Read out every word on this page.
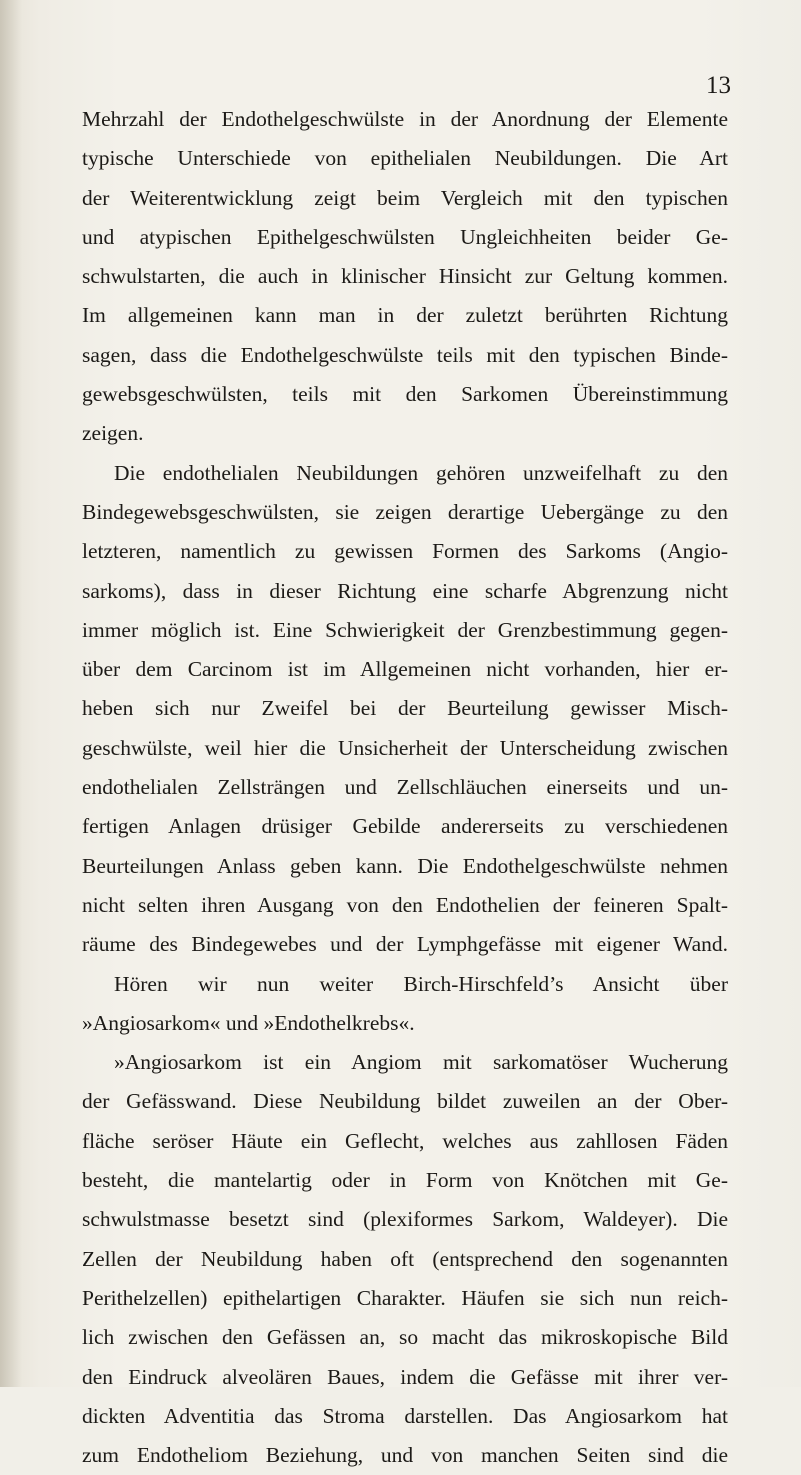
13
Mehrzahl der Endothelgeschwülste in der Anordnung der Elemente
typische Unterschiede von epithelialen Neubildungen. Die Art
der Weiterentwicklung zeigt beim Vergleich mit den typischen
und atypischen Epithelgeschwülsten Ungleichheiten beider Ge-
schwulstarten, die auch in klinischer Hinsicht zur Geltung kommen.
Im allgemeinen kann man in der zuletzt berührten Richtung
sagen, dass die Endothelgeschwülste teils mit den typischen Binde-
gewebsgeschwülsten, teils mit den Sarkomen Übereinstimmung
zeigen.
Die endothelialen Neubildungen gehören unzweifelhaft zu den
Bindegewebsgeschwülsten, sie zeigen derartige Uebergänge zu den
letzteren, namentlich zu gewissen Formen des Sarkoms (Angio-
sarkoms), dass in dieser Richtung eine scharfe Abgrenzung nicht
immer möglich ist. Eine Schwierigkeit der Grenzbestimmung gegen-
über dem Carcinom ist im Allgemeinen nicht vorhanden, hier er-
heben sich nur Zweifel bei der Beurteilung gewisser Misch-
geschwülste, weil hier die Unsicherheit der Unterscheidung zwischen
endothelialen Zellsträngen und Zellschläuchen einerseits und un-
fertigen Anlagen drüsiger Gebilde andererseits zu verschiedenen
Beurteilungen Anlass geben kann. Die Endothelgeschwülste nehmen
nicht selten ihren Ausgang von den Endothelien der feineren Spalt-
räume des Bindegewebes und der Lymphgefässe mit eigener Wand.
Hören wir nun weiter Birch-Hirschfeld’s Ansicht über
»Angiosarkom« und »Endothelkrebs«.
»Angiosarkom ist ein Angiom mit sarkomatöser Wucherung
der Gefässwand. Diese Neubildung bildet zuweilen an der Ober-
fläche seröser Häute ein Geflecht, welches aus zahllosen Fäden
besteht, die mantelartig oder in Form von Knötchen mit Ge-
schwulstmasse besetzt sind (plexiformes Sarkom, Waldeyer). Die
Zellen der Neubildung haben oft (entsprechend den sogenannten
Perithelzellen) epithelartigen Charakter. Häufen sie sich nun reich-
lich zwischen den Gefässen an, so macht das mikroskopische Bild
den Eindruck alveolären Baues, indem die Gefässe mit ihrer ver-
dickten Adventitia das Stroma darstellen. Das Angiosarkom hat
zum Endotheliom Beziehung, und von manchen Seiten sind die
